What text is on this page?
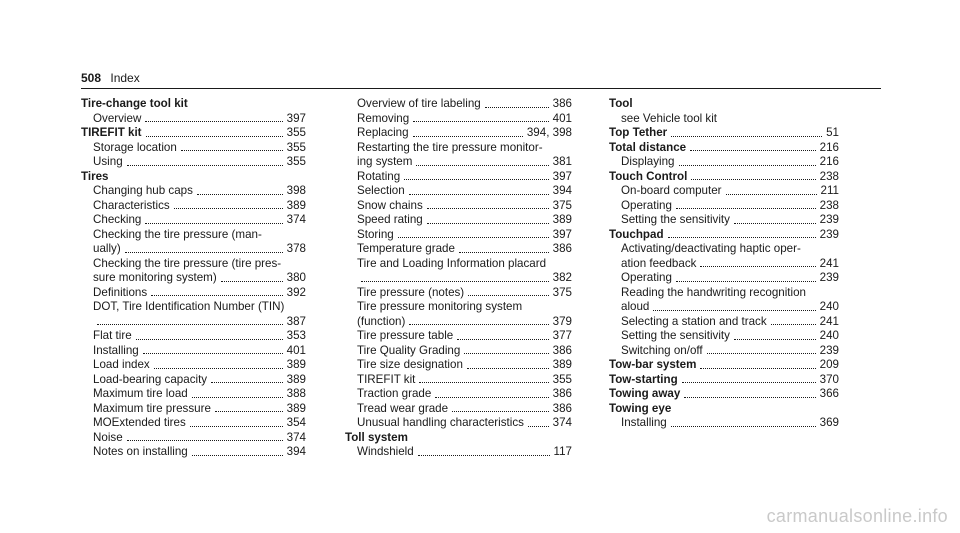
508 Index
Tire-change tool kit
Overview	397
TIREFIT kit	355
Storage location	355
Using	355
Tires
Changing hub caps	398
Characteristics	389
Checking	374
Checking the tire pressure (man-
ually)	378
Checking the tire pressure (tire pres-
sure monitoring system)	380
Definitions	392
DOT, Tire Identification Number (TIN)
387
Flat tire	353
Installing	401
Load index	389
Load-bearing capacity	389
Maximum tire load	388
Maximum tire pressure	389
MOExtended tires	354
Noise	374
Notes on installing	394
Overview of tire labeling	386
Removing	401
Replacing	394, 398
Restarting the tire pressure monitor-
ing system	381
Rotating	397
Selection	394
Snow chains	375
Speed rating	389
Storing	397
Temperature grade	386
Tire and Loading Information placard
382
Tire pressure (notes)	375
Tire pressure monitoring system
(function)	379
Tire pressure table	377
Tire Quality Grading	386
Tire size designation	389
TIREFIT kit	355
Traction grade	386
Tread wear grade	386
Unusual handling characteristics 374
Toll system
Windshield	117
Tool
see Vehicle tool kit
Top Tether	51
Total distance	216
Displaying	216
Touch Control	238
On-board computer	211
Operating	238
Setting the sensitivity	239
Touchpad	239
Activating/deactivating haptic oper-
ation feedback	241
Operating	239
Reading the handwriting recognition
aloud	240
Selecting a station and track	241
Setting the sensitivity	240
Switching on/off	239
Tow-bar system	209
Tow-starting	370
Towing away	366
Towing eye
Installing	369
carmanualsonline.info
